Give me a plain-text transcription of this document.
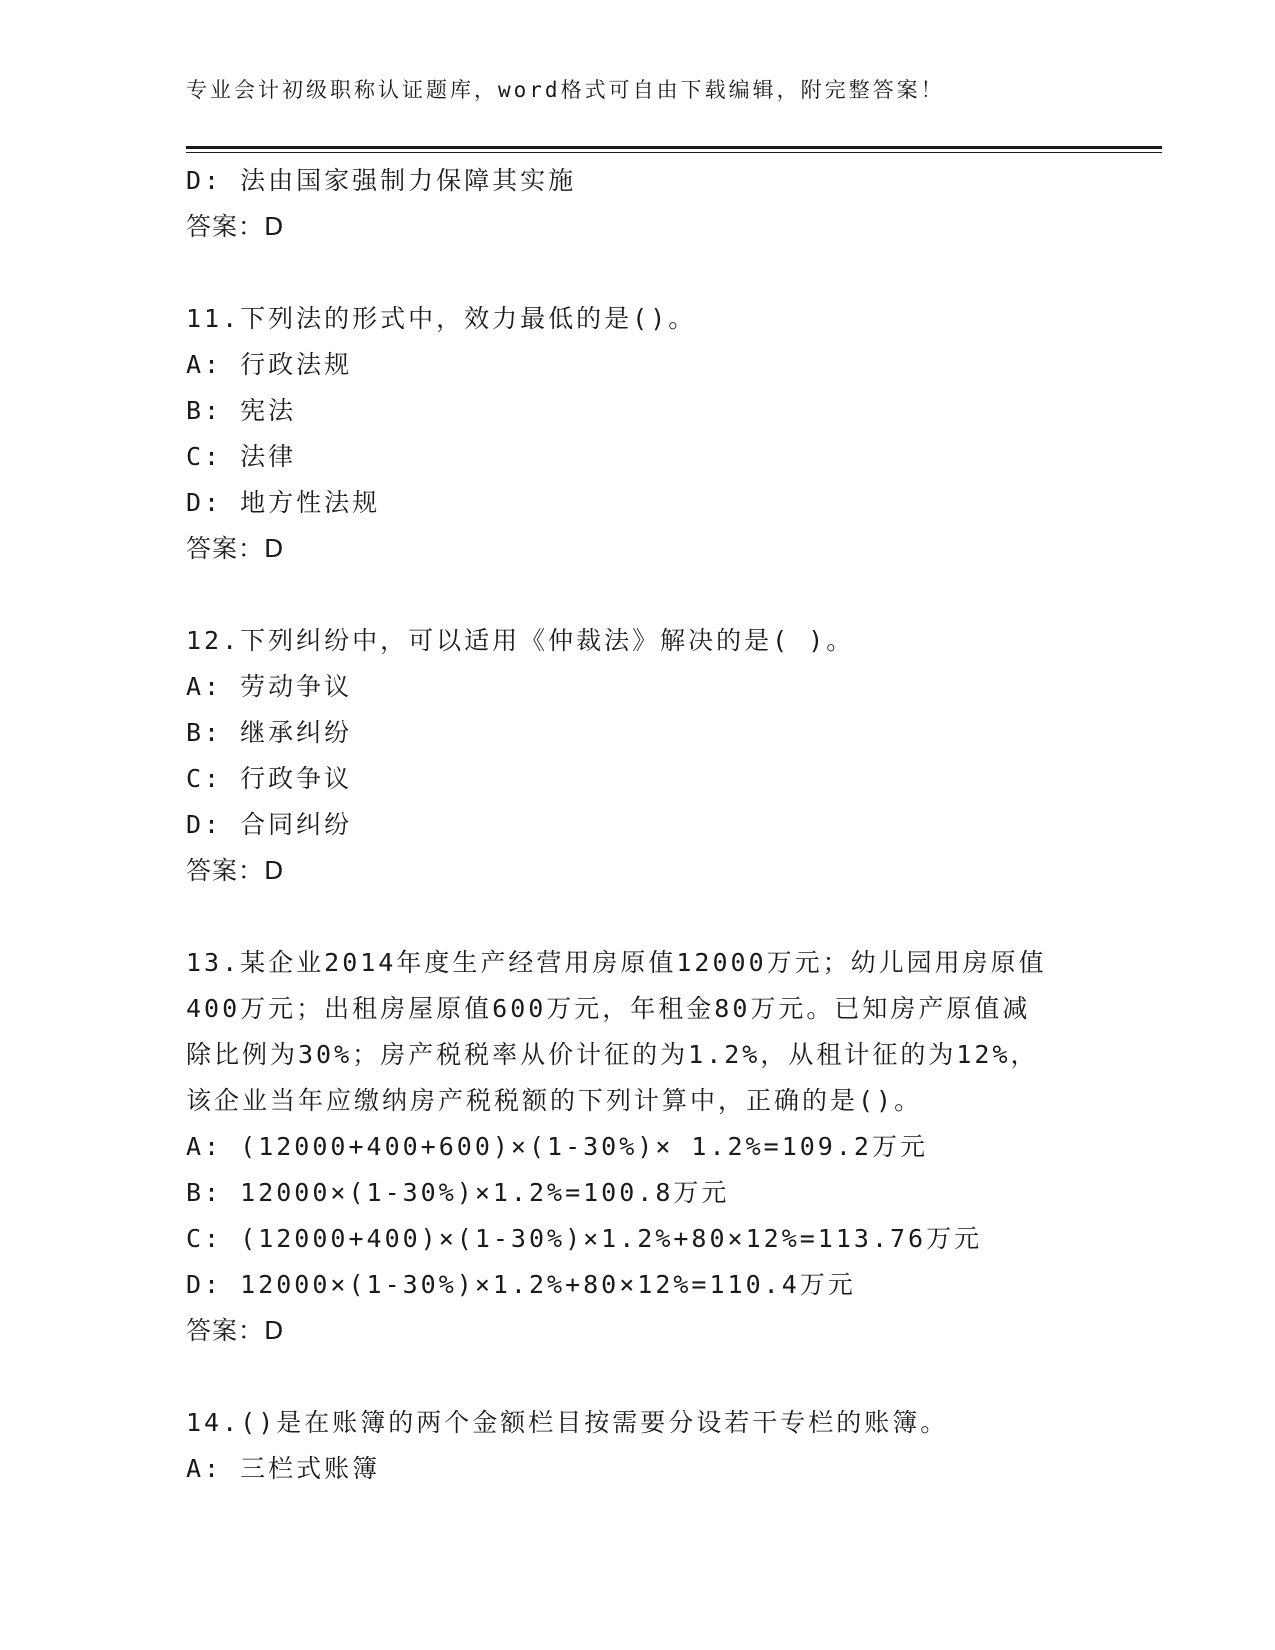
专业会计初级职称认证题库，word格式可自由下载编辑，附完整答案！
D: 法由国家强制力保障其实施
答案：D
11.下列法的形式中，效力最低的是()。
A: 行政法规
B: 宪法
C: 法律
D: 地方性法规
答案：D
12.下列纠纷中，可以适用《仲裁法》解决的是( )。
A: 劳动争议
B: 继承纠纷
C: 行政争议
D: 合同纠纷
答案：D
13.某企业2014年度生产经营用房原值12000万元；幼儿园用房原值
400万元；出租房屋原值600万元，年租金80万元。已知房产原值减
除比例为30%；房产税税率从价计征的为1.2%，从租计征的为12%，
该企业当年应缴纳房产税税额的下列计算中，正确的是()。
A: (12000+400+600)×(1-30%)× 1.2%=109.2万元
B: 12000×(1-30%)×1.2%=100.8万元
C: (12000+400)×(1-30%)×1.2%+80×12%=113.76万元
D: 12000×(1-30%)×1.2%+80×12%=110.4万元
答案：D
14.()是在账簿的两个金额栏目按需要分设若干专栏的账簿。
A: 三栏式账簿
